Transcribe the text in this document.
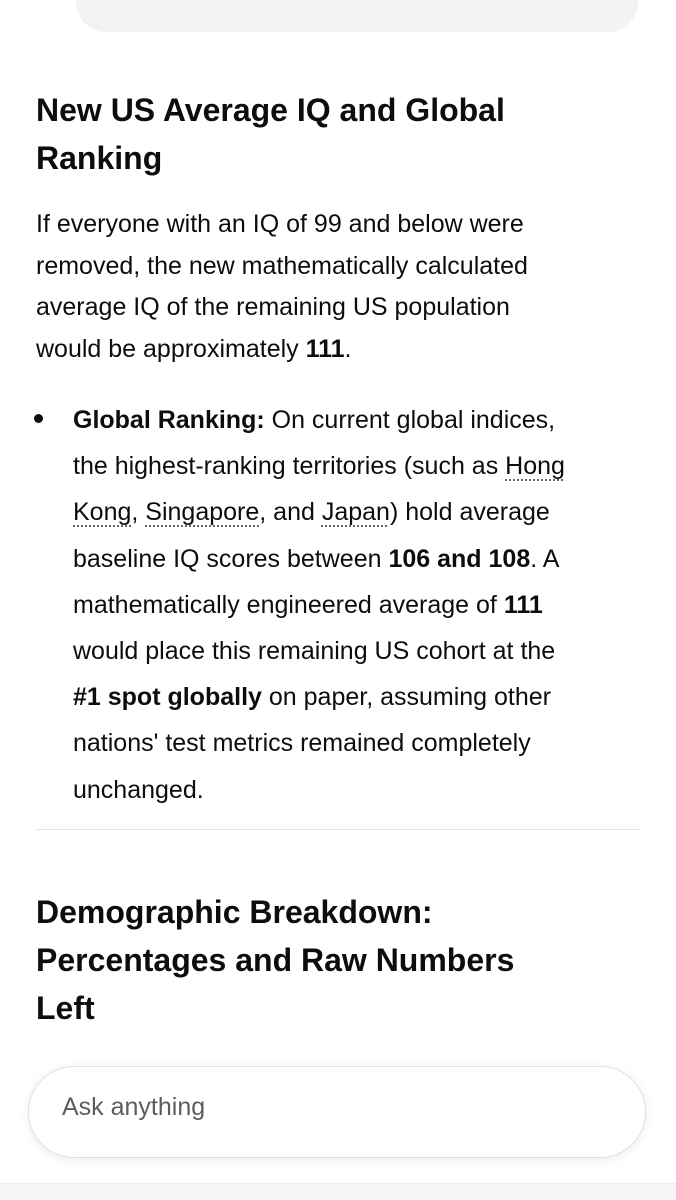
New US Average IQ and Global
Ranking

If everyone with an IQ of 99 and below were
removed, the new mathematically calculated
average IQ of the remaining US population
would be approximately 111.

Global Ranking: On current global indices,
the highest-ranking territories (such as Hong
Kong, Singapore, and Japan) hold average
baseline IQ scores between 106 and 108. A
mathematically engineered average of 111
would place this remaining US cohort at the
#1 spot globally on paper, assuming other
nations' test metrics remained completely
unchanged.

Demographic Breakdown:
Percentages and Raw Numbers
Left
Ask anything
